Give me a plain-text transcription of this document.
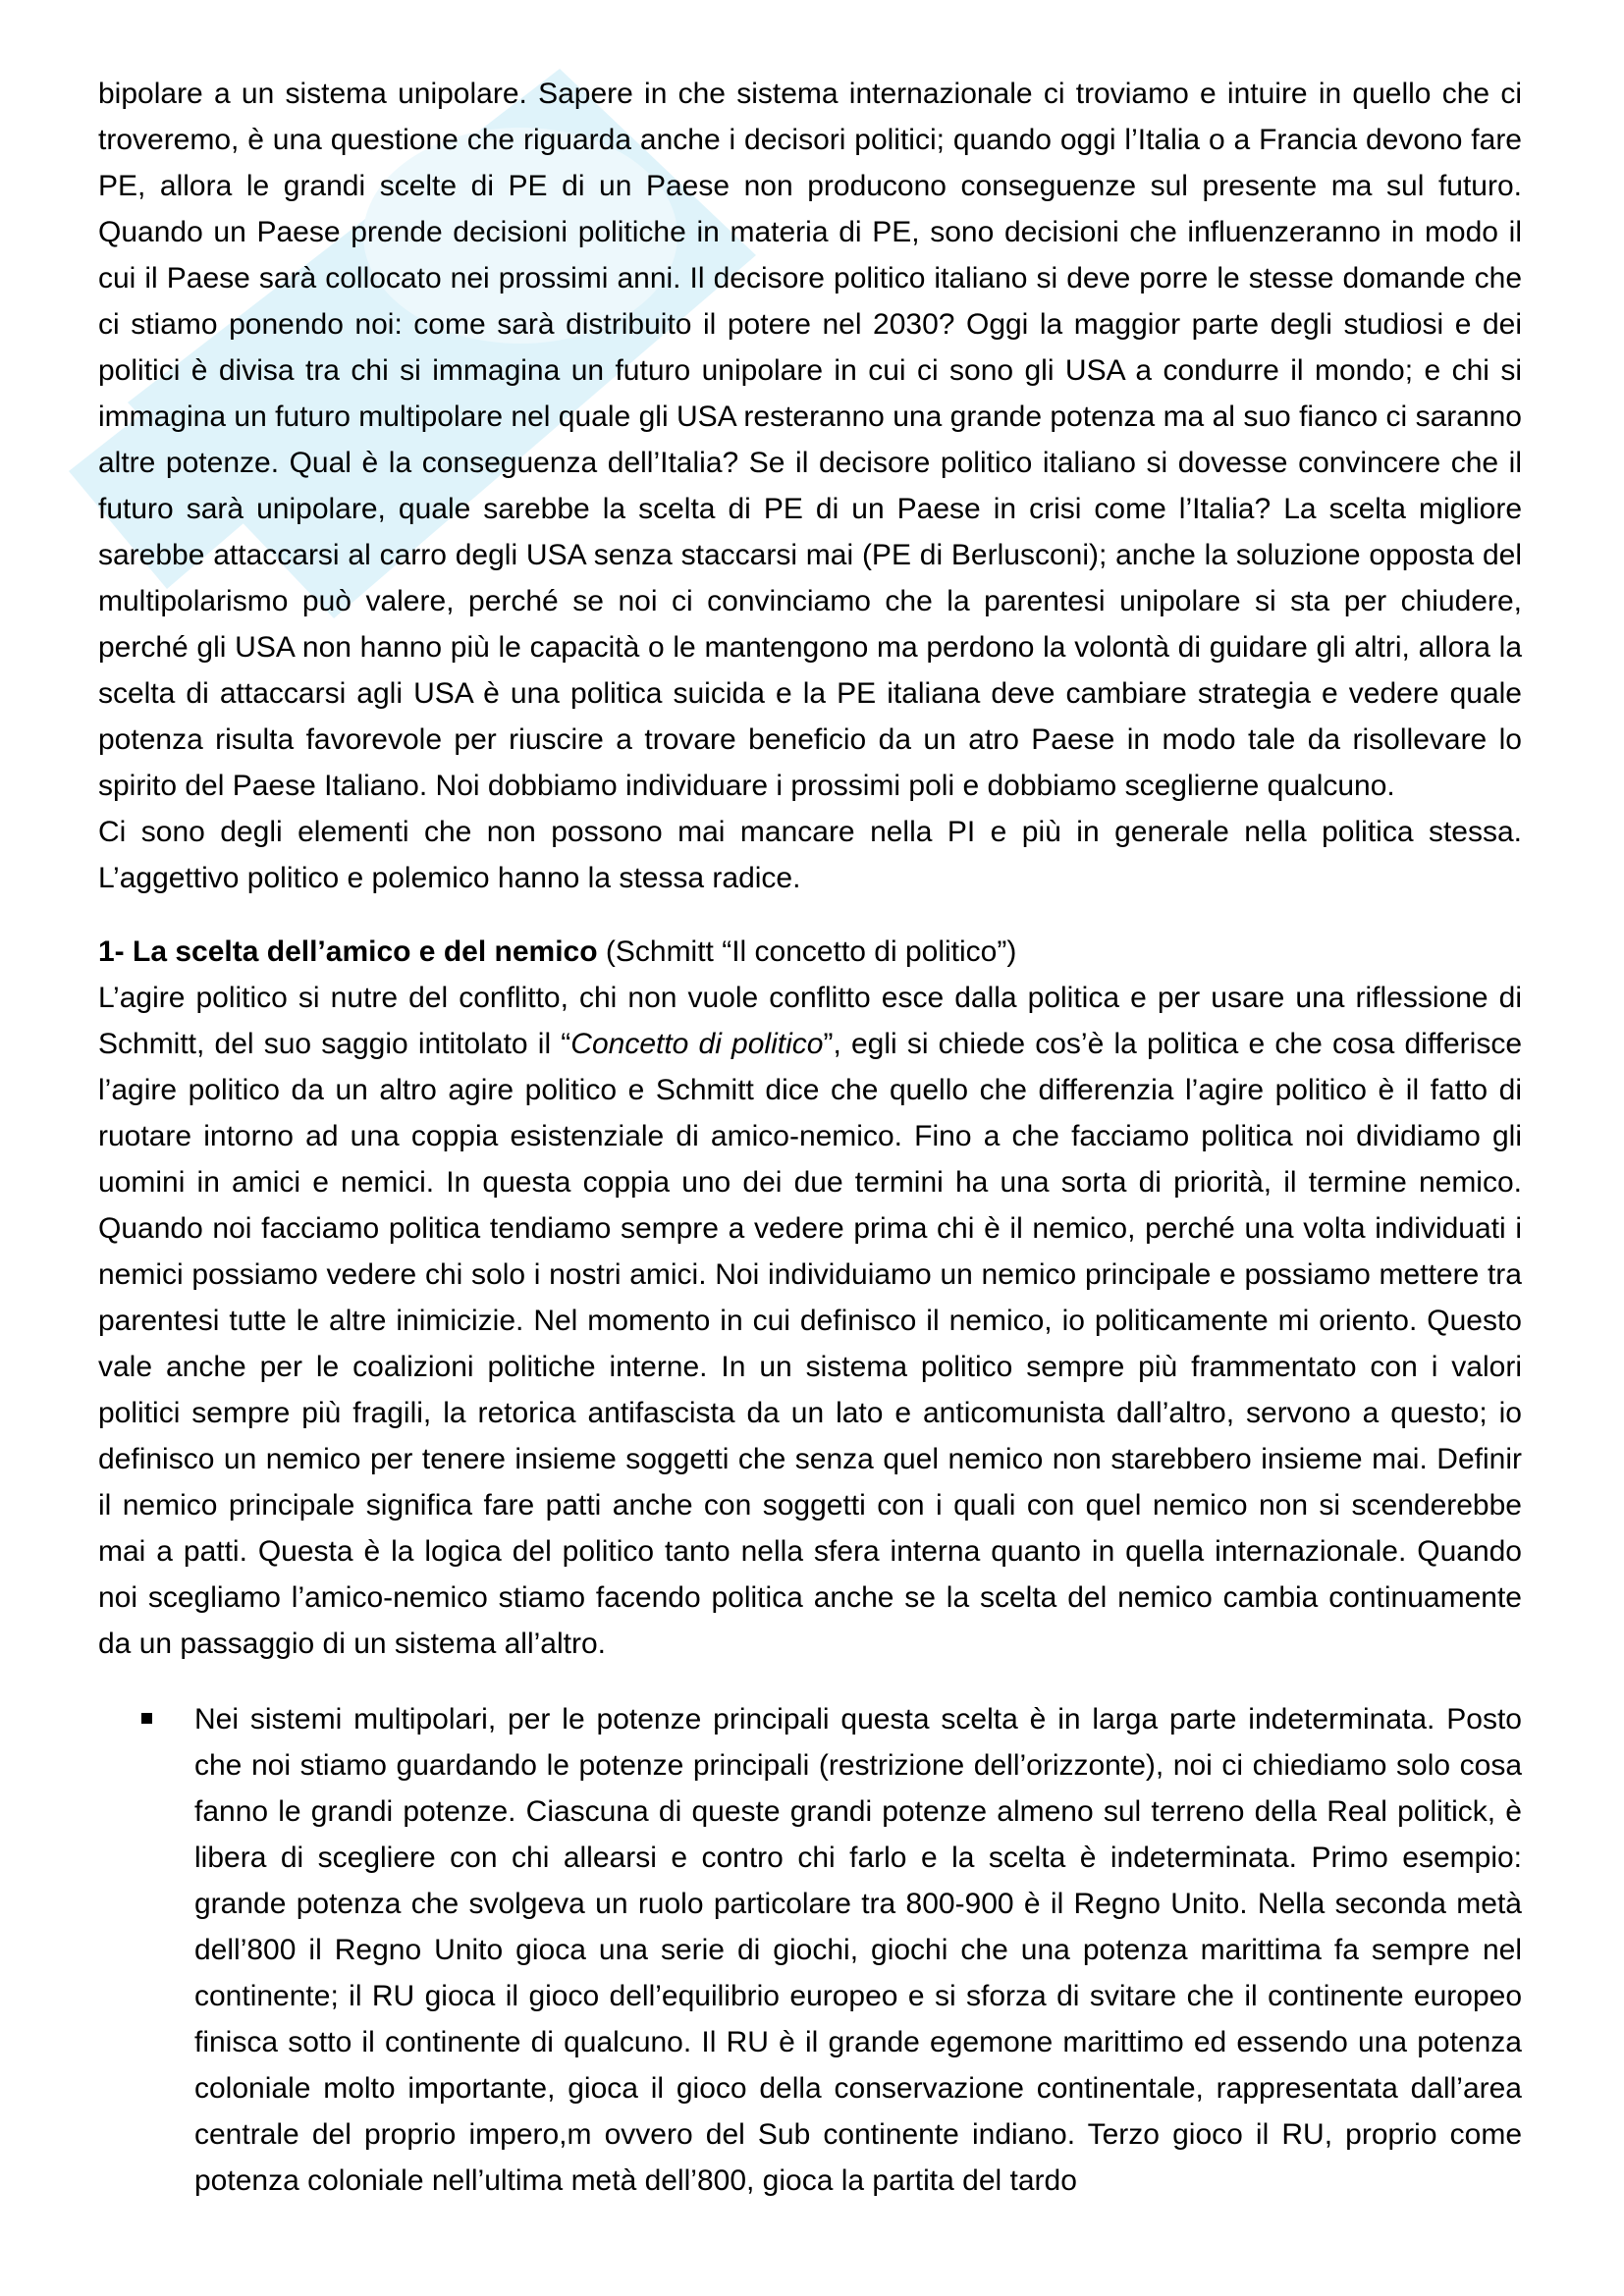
bipolare a un sistema unipolare. Sapere in che sistema internazionale ci troviamo e intuire in quello che ci troveremo, è una questione che riguarda anche i decisori politici; quando oggi l’Italia o a Francia devono fare PE, allora le grandi scelte di PE di un Paese non producono conseguenze sul presente ma sul futuro. Quando un Paese prende decisioni politiche in materia di PE, sono decisioni che influenzeranno in modo il cui il Paese sarà collocato nei prossimi anni. Il decisore politico italiano si deve porre le stesse domande che ci stiamo ponendo noi: come sarà distribuito il potere nel 2030? Oggi la maggior parte degli studiosi e dei politici è divisa tra chi si immagina un futuro unipolare in cui ci sono gli USA a condurre il mondo; e chi si immagina un futuro multipolare nel quale gli USA resteranno una grande potenza ma al suo fianco ci saranno altre potenze. Qual è la conseguenza dell’Italia? Se il decisore politico italiano si dovesse convincere che il futuro sarà unipolare, quale sarebbe la scelta di PE di un Paese in crisi come l’Italia? La scelta migliore sarebbe attaccarsi al carro degli USA senza staccarsi mai (PE di Berlusconi); anche la soluzione opposta del multipolarismo può valere, perché se noi ci convinciamo che la parentesi unipolare si sta per chiudere, perché gli USA non hanno più le capacità o le mantengono ma perdono la volontà di guidare gli altri, allora la scelta di attaccarsi agli USA è una politica suicida e la PE italiana deve cambiare strategia e vedere quale potenza risulta favorevole per riuscire a trovare beneficio da un atro Paese in modo tale da risollevare lo spirito del Paese Italiano. Noi dobbiamo individuare i prossimi poli e dobbiamo sceglierne qualcuno.

Ci sono degli elementi che non possono mai mancare nella PI e più in generale nella politica stessa. L’aggettivo politico e polemico hanno la stessa radice.

1- La scelta dell’amico e del nemico (Schmitt “Il concetto di politico”)

L’agire politico si nutre del conflitto, chi non vuole conflitto esce dalla politica e per usare una riflessione di Schmitt, del suo saggio intitolato il “Concetto di politico”, egli si chiede cos’è la politica e che cosa differisce l’agire politico da un altro agire politico e Schmitt dice che quello che differenzia l’agire politico è il fatto di ruotare intorno ad una coppia esistenziale di amico-nemico. Fino a che facciamo politica noi dividiamo gli uomini in amici e nemici. In questa coppia uno dei due termini ha una sorta di priorità, il termine nemico. Quando noi facciamo politica tendiamo sempre a vedere prima chi è il nemico, perché una volta individuati i nemici possiamo vedere chi solo i nostri amici. Noi individuiamo un nemico principale e possiamo mettere tra parentesi tutte le altre inimicizie. Nel momento in cui definisco il nemico, io politicamente mi oriento. Questo vale anche per le coalizioni politiche interne. In un sistema politico sempre più frammentato con i valori politici sempre più fragili, la retorica antifascista da un lato e anticomunista dall’altro, servono a questo; io definisco un nemico per tenere insieme soggetti che senza quel nemico non starebbero insieme mai. Definir il nemico principale significa fare patti anche con soggetti con i quali con quel nemico non si scenderebbe mai a patti. Questa è la logica del politico tanto nella sfera interna quanto in quella internazionale. Quando noi scegliamo l’amico-nemico stiamo facendo politica anche se la scelta del nemico cambia continuamente da un passaggio di un sistema all’altro.

Nei sistemi multipolari, per le potenze principali questa scelta è in larga parte indeterminata. Posto che noi stiamo guardando le potenze principali (restrizione dell’orizzonte), noi ci chiediamo solo cosa fanno le grandi potenze. Ciascuna di queste grandi potenze almeno sul terreno della Real politick, è libera di scegliere con chi allearsi e contro chi farlo e la scelta è indeterminata. Primo esempio: grande potenza che svolgeva un ruolo particolare tra 800-900 è il Regno Unito. Nella seconda metà dell’800 il Regno Unito gioca una serie di giochi, giochi che una potenza marittima fa sempre nel continente; il RU gioca il gioco dell’equilibrio europeo e si sforza di svitare che il continente europeo finisca sotto il continente di qualcuno. Il RU è il grande egemone marittimo ed essendo una potenza coloniale molto importante, gioca il gioco della conservazione continentale, rappresentata dall’area centrale del proprio impero,m ovvero del Sub continente indiano. Terzo gioco il RU, proprio come potenza coloniale nell’ultima metà dell’800, gioca la partita del tardo
